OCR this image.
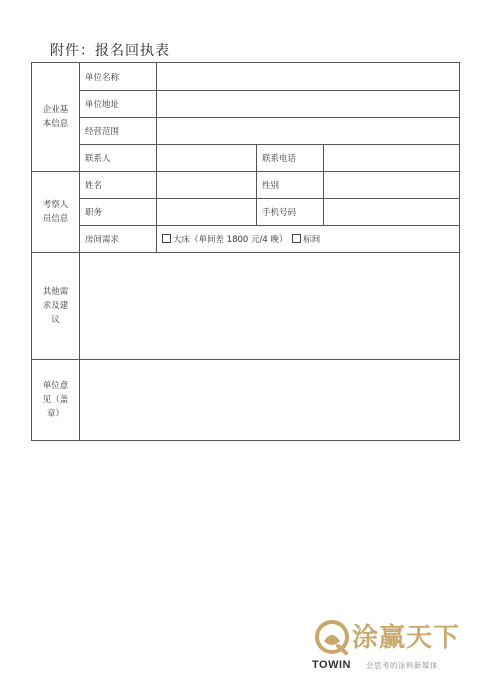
附件：报名回执表
企业基本信息	单位名称			
	单位地址			
	经营范围			
	联系人		联系电话	
考察人员信息	姓名		性别	
	职务		手机号码	
	房间需求	大床（单间差 1800 元/4 晚） 标间		
其他需求及建议				
单位意见（盖章）				
涂赢天下
TOWIN 会思考的涂料新媒体
